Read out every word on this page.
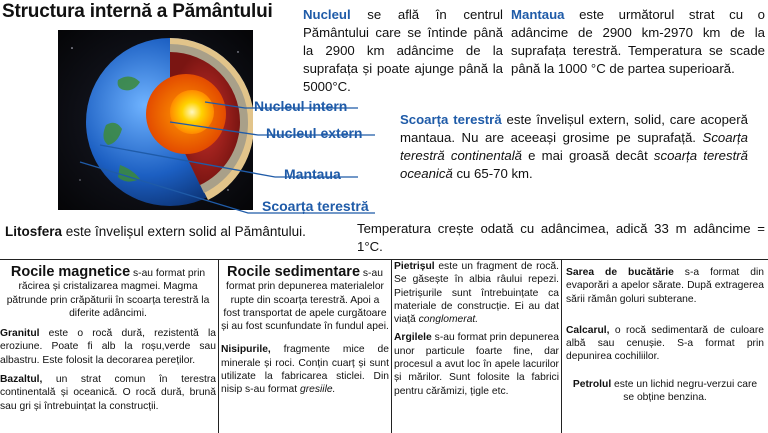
Structura internă a Pământului
Nucleul intern
Nucleul extern
Mantaua
Scoarța terestră
Nucleul se află în centrul Pământului care se întinde până la 2900 km adâncime de la suprafața și poate ajunge până la 5000°C.
Mantaua este următorul strat cu o adâncime de 2900 km-2970 km de la suprafața terestră. Temperatura se scade până la 1000 °C de partea superioară.
Scoarța terestră este învelișul extern, solid, care acoperă mantaua. Nu are aceeași grosime pe suprafață. Scoarța terestră continentală e mai groasă decât scoarța terestră oceanică cu 65-70 km.
Litosfera este învelișul extern solid al Pământului.	Temperatura crește odată cu adâncimea, adică 33 m adâncime = 1°C.
Rocile magnetice s-au format prin răcirea și cristalizarea magmei. Magma pătrunde prin crăpăturii în scoarța terestră la diferite adâncimi.
Granitul este o rocă dură, rezistentă la eroziune. Poate fi alb la roșu,verde sau albastru. Este folosit la decorarea pereților.
Bazaltul, un strat comun în terestra continentală și oceanică. O rocă dură, brună sau gri și întrebuințat la construcții.
Rocile sedimentare s-au format prin depunerea materialelor rupte din scoarța terestră. Apoi a fost transportat de apele curgătoare și au fost scunfundate în fundul apei.
Nisipurile, fragmente mice de minerale și roci. Conțin cuarț și sunt utilizate la fabricarea sticlei. Din nisip s-au format gresiile.
Pietrișul este un fragment de rocă. Se găsește în albia râului repezi. Pietrișurile sunt întrebuințate ca materiale de construcție. Ei au dat viață conglomerat.
Argilele s-au format prin depunerea unor particule foarte fine, dar procesul a avut loc în apele lacurilor și mărilor. Sunt folosite la fabrici pentru cărămizi, țigle etc.
Sarea de bucătărie s-a format din evaporări a apelor sărate. După extragerea sării rămân goluri subterane.
Calcarul, o rocă sedimentară de culoare albă sau cenușie. S-a format prin depunirea cochiliilor.
Petrolul este un lichid negru-verzui care se obține benzina.
